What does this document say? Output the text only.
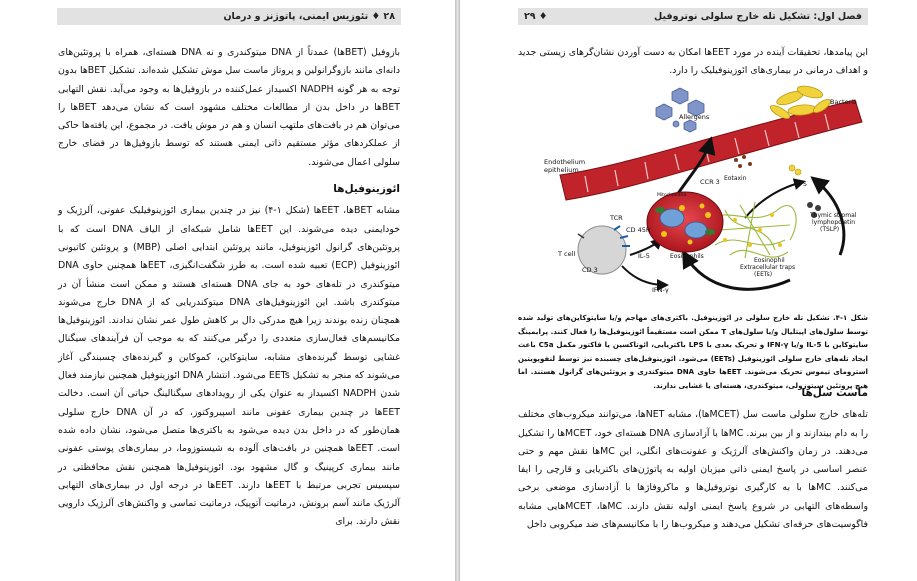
۲۸ ♦ تئوزیس ایمنی، پاتوژنز و درمان

بازوفیل (BETها) عمدتاً از DNA میتوکندری و نه DNA هسته‌ای، همراه با پروتئین‌های دانه‌ای مانند بازوگرانولین و پروتاز ماست سل موش تشکیل شده‌اند. تشکیل BETها بدون توجه به هر گونه NADPH اکسیداز عمل‌کننده در بازوفیل‌ها به وجود می‌آید. نقش التهابی BETها در داخل بدن از مطالعات مختلف مشهود است که نشان می‌دهد BETها را می‌توان هم در بافت‌های ملتهب انسان و هم در موش یافت. در مجموع، این یافته‌ها حاکی از عملکردهای مؤثر مستقیم ذاتی ایمنی هستند که توسط بازوفیل‌ها در فضای خارج سلولی اعمال می‌شوند.

ائوزینوفیل‌ها

مشابه BETها، EETها (شکل ۱-۴) نیز در چندین بیماری ائوزینوفیلیک عفونی، آلرژیک و خودایمنی دیده می‌شوند. این EETها شامل شبکه‌ای از الیاف DNA است که با پروتئین‌های گرانول ائوزینوفیل، مانند پروتئین ابتدایی اصلی (MBP) و پروتئین کاتیونی ائوزینوفیل (ECP) تعبیه شده است. به طرز شگفت‌انگیزی، EETها همچنین حاوی DNA میتوکندری در تله‌های خود به جای DNA هسته‌ای هستند و ممکن است منشأ آن در میتوکندری باشد. این ائوزینوفیل‌های DNA میتوکندریایی که از DNA خارج می‌شوند همچنان زنده بوندند زیرا هیچ مدرکی دال بر کاهش طول عمر نشان ندادند. ائوزینوفیل‌ها مکانیسم‌های فعال‌سازی متعددی را درگیر می‌کنند که به موجب آن فرآیندهای سیگنال غشایی توسط گیرنده‌های مشابه، سایتوکاین، کموکاین و گیرنده‌های چسبندگی آغاز می‌شوند که منجر به تشکیل EETs می‌شود. انتشار DNA ائوزینوفیل همچنین نیازمند فعال شدن NADPH اکسیداز به عنوان یکی از رویدادهای سیگنالینگ حیاتی آن است. دخالت EETها در چندین بیماری عفونی مانند اسپیروکتوز، که در آن DNA خارج سلولی همان‌طور که در داخل بدن دیده می‌شود به باکتری‌ها متصل می‌شود، نشان داده شده است. EETها همچنین در بافت‌های آلوده به شیستوزوما، در بیماری‌های پوستی عفونی مانند بیماری کرپینیگ و گال مشهود بود. ائوزینوفیل‌ها همچنین نقش محافظتی در سپسیس تجربی مرتبط با EETها دارند. EETها در درجه اول در بیماری‌های التهابی آلرژیک مانند آسم برونش، درماتیت آتوپیک، درماتیت تماسی و واکنش‌های آلرژیک دارویی نقش دارند. برای

فصل اول: تشکیل تله خارج سلولی نوتروفیل
♦ ۲۹

این پیامدها، تحقیقات آینده در مورد EETها امکان به دست آوردن نشان‌گرهای زیستی جدید و اهداف درمانی در بیماری‌های ائوزینوفیلیک را دارد.

Allergens
Bacteria
Endothelium
epithelium
Eotaxin
LPS
Thymic stromal lymphopoietin (TSLP)
Eosinophil Extracellular traps (EETs)
Mitochondria
CCR 3
Eosinophils
TCR
CD 45R
T cell
CD 3
IL-5
IFN-γ
شکل ۱-۴. تشکیل تله خارج سلولی در ائوزینوفیل. باکتری‌های مهاجم و/یا سایتوکاین‌های تولید شده توسط سلول‌های اپیتلیال و/یا سلول‌های T ممکن است مستقیماً ائوزینوفیل‌ها را فعال کنند. پرایمینگ سایتوکاین با IL-5 و/یا IFN-γ و تحریک بعدی با LPS باکتریایی، ائوتاکسین یا فاکتور مکمل C5a باعث ایجاد تله‌های خارج سلولی ائوزینوفیل (EETs) می‌شود. ائوزینوفیل‌های چسبنده نیز توسط لنفوپویتین استرومای تیموس تحریک می‌شوند. EETها حاوی DNA میتوکندری و پروتئین‌های گرانول هستند. اما هیچ پروتئین سیتوزولی، میتوکندری، هسته‌ای یا غشایی ندارند.
ماست سل‌ها

تله‌های خارج سلولی ماست سل (MCETها)، مشابه NETها، می‌توانند میکروب‌های مختلف را به دام بیندازند و از بین ببرند. MCها با آزادسازی DNA هسته‌ای خود، MCETها را تشکیل می‌دهند. در زمان واکنش‌های آلرژیک و عفونت‌های انگلی، این MCها نقش مهم و حتی عنصر اساسی در پاسخ ایمنی ذاتی میزبان اولیه به پاتوژن‌های باکتریایی و قارچی را ایفا می‌کنند. MCها با به کارگیری نوتروفیل‌ها و ماکروفاژها با آزادسازی موضعی برخی واسطه‌های التهابی در شروع پاسخ ایمنی اولیه نقش دارند. MCها، MCETهایی مشابه فاگوسیت‌های حرفه‌ای تشکیل می‌دهند و میکروب‌ها را با مکانیسم‌های ضد میکروبی داخل
